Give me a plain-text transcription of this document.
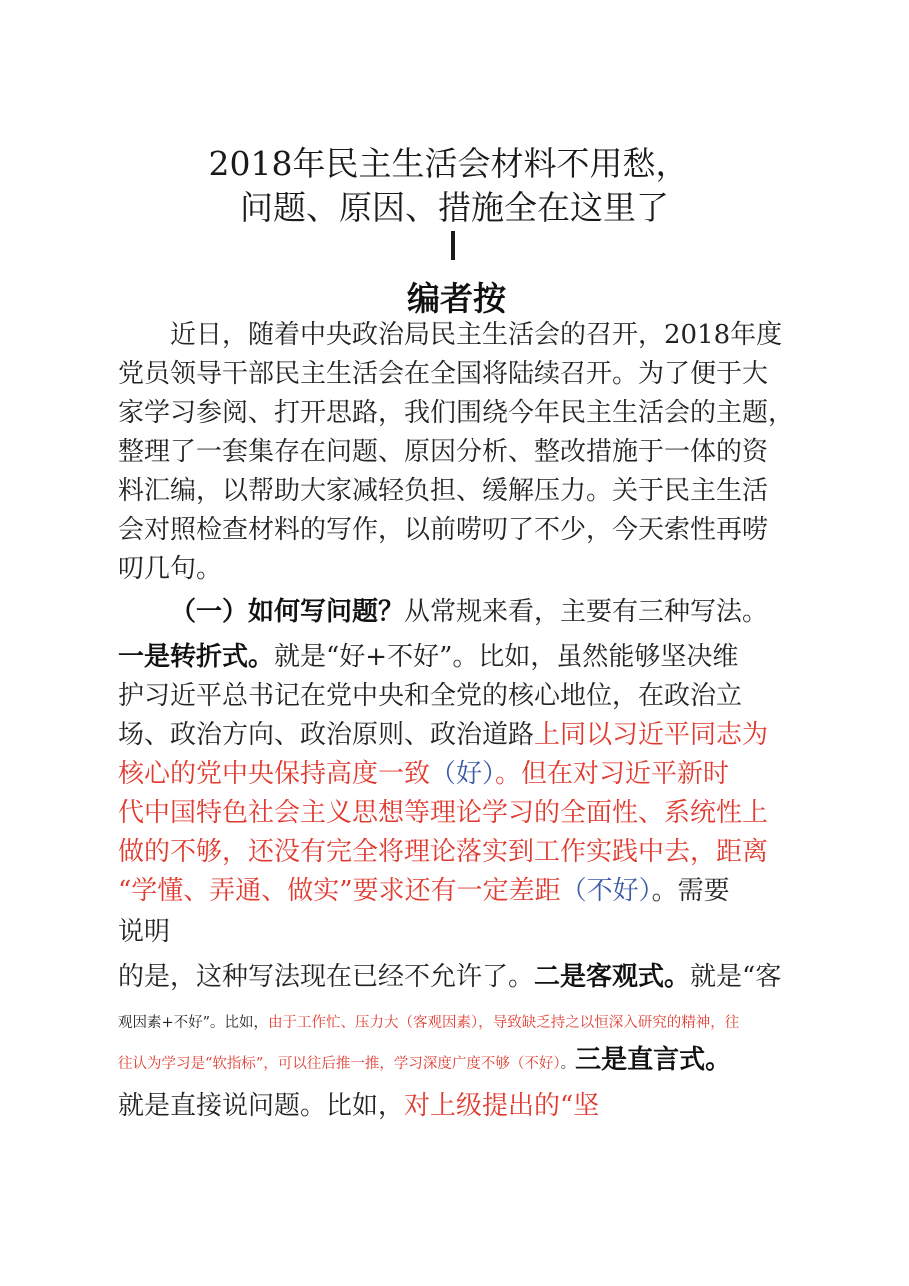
2018年民主生活会材料不用愁，
问题、原因、措施全在这里了
编者按
　　近日，随着中央政治局民主生活会的召开，2018年度
党员领导干部民主生活会在全国将陆续召开。为了便于大
家学习参阅、打开思路，我们围绕今年民主生活会的主题，
整理了一套集存在问题、原因分析、整改措施于一体的资
料汇编，以帮助大家减轻负担、缓解压力。关于民主生活
会对照检查材料的写作，以前唠叨了不少，今天索性再唠
叨几句。
（一）如何写问题？从常规来看，主要有三种写法。
一是转折式。就是“好+不好”。比如，虽然能够坚决维
护习近平总书记在党中央和全党的核心地位，在政治立
场、政治方向、政治原则、政治道路上同以习近平同志为
核心的党中央保持高度一致（好）。但在对习近平新时
代中国特色社会主义思想等理论学习的全面性、系统性上
做的不够，还没有完全将理论落实到工作实践中去，距离
“学懂、弄通、做实”要求还有一定差距（不好）。需要
说明
的是，这种写法现在已经不允许了。二是客观式。就是“客
观因素+不好”。比如，由于工作忙、压力大（客观因素），导致缺乏持之以恒深入研究的精神，往
往认为学习是“软指标”，可以往后推一推，学习深度广度不够（不好）。三是直言式。
就是直接说问题。比如，对上级提出的“坚
